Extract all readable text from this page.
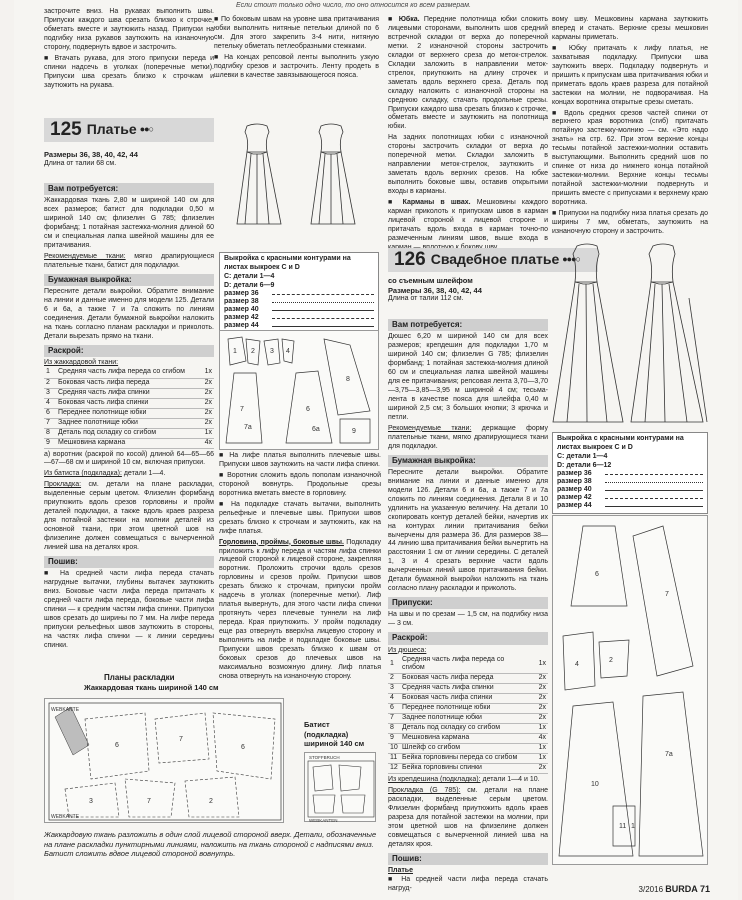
Если стоит только одно число, то оно относится ко всем размерам.

застрочите вниз. На рукавах выполнить швы. Припуски каждого шва срезать близко к строчке, обметать вместе и заутюжить назад. Припуски на подгибку низа рукавов заутюжить на изнаночную сторону, подвернуть вдвое и застрочить.

■ Втачать рукава, для этого припуски переда и спинки надсечь в уголках (поперечные метки). Припуски шва срезать близко к строчкам и заутюжить на рукава.

■ По боковым швам на уровне шва притачивания юбки выполнить нитяные петельки длиной по 6 см. Для этого закрепить 3-4 нити, нитяную петельку обметать петлеобразными стежками.

■ На концах репсовой ленты выполнить узкую подгибку срезов и застрочить. Ленту продеть в шлевки в качестве завязывающегося пояса.

125 Платье ●●○
Размеры 36, 38, 40, 42, 44
Длина от талии 68 см.
Вам потребуется:

Жаккардовая ткань 2,80 м шириной 140 см для всех размеров; батист для подкладки 0,50 м шириной 140 см; флизелин G 785; флизелин формбанд; 1 потайная застежка-молния длиной 60 см и специальная лапка швейной машины для ее притачивания.

Рекомендуемые ткани: мягко драпирующиеся плательные ткани, батист для подкладки.

Бумажная выкройка:

Пересните детали выкройки. Обратите внимание на линии и данные именно для модели 125. Детали 6 и 6а, а также 7 и 7а сложить по линиям соединения. Детали бумажной выкройки наложить на ткань согласно планам раскладки и приколоть. Детали вырезать прямо на ткани.

Раскрой:
Из жаккардовой ткани:
1	Средняя часть лифа переда со сгибом	1x
2	Боковая часть лифа переда	2x
3	Средняя часть лифа спинки	2x
4	Боковая часть лифа спинки	2x
6	Переднее полотнище юбки	2x
7	Заднее полотнище юбки	2x
8	Деталь под складку со сгибом	1x
9	Мешковина кармана	4x

а) воротник (раскрой по косой) длиной 64—65—66—67—68 см и шириной 10 см, включая припуски.

Из батиста (подкладка): детали 1—4.

Прокладка: см. детали на плане раскладки, выделенные серым цветом. Флизелин формбанд приутюжить вдоль срезов горловины и пройм деталей подкладки, а также вдоль краев разреза для потайной застежки на молнии деталей из основной ткани, при этом цветной шов на флизелине должен совмещаться с вычерченной линией шва на деталях кроя.

Пошив:

■ На средней части лифа переда стачать нагрудные вытачки, глубины вытачек заутюжить вниз. Боковые части лифа переда притачать к средней части лифа переда, боковые части лифа спинки — к средним частям лифа спинки. Припуски швов срезать до ширины по 7 мм. На лифе переда припуски рельефных швов заутюжить в стороны, на частях лифа спинки — к линии середины спинки.

Выкройка с красными контурами на листах выкроек C и D
C: детали 1—4
D: детали 6—9
размер 36
размер 38
размер 40
размер 42
размер 44
1 2 3 4
7
7a
6
6a
8
9

■ На лифе платья выполнить плечевые швы. Припуски швов заутюжить на части лифа спинки.

■ Воротник сложить вдоль пополам изнаночной стороной вовнутрь. Продольные срезы воротника вметать вместе в горловину.

■ На подкладке стачать вытачки, выполнить рельефные и плечевые швы. Припуски швов срезать близко к строчкам и заутюжить, как на лифе платья.

Горловина, проймы, боковые швы. Подкладку приложить к лифу переда и частям лифа спинки лицевой стороной к лицевой стороне, закрепляя воротник. Проложить строчки вдоль срезов горловины и срезов пройм. Припуски швов срезать близко к строчкам, припуски пройм надсечь в уголках (поперечные метки). Лиф платья вывернуть, для этого части лифа спинки протянуть через плечевые туннели на лиф переда. Края приутюжить. У пройм подкладку еще раз отвернуть вверх/на лицевую сторону и выполнить на лифе и подкладке боковые швы. Припуски швов срезать близко к швам от боковых срезов до плечевых швов на максимально возможную длину. Лиф платья снова отвернуть на изнаночную сторону.

Планы раскладки
Жаккардовая ткань шириной 140 см
6
7
6
3	7	2
WEBKANTE
WEBKANTE
Батист (подкладка) шириной 140 см
STOFFBRUCH
WEBKANTEN
Жаккардовую ткань разложить в один слой лицевой стороной вверх. Детали, обозначенные на плане раскладки пунктирными линиями, наложить на ткань стороной с надписями вниз. Батист сложить вдвое лицевой стороной вовнутрь.

■ Юбка. Передние полотнища юбки сложить лицевыми сторонами, выполнить шов средний встречной складки от верха до поперечной метки. 2 изнаночной стороны застрочить складки от верхнего среза до меток-стрелок. Складки заложить в направлении меток-стрелок, приутюжить на длину строчек и заметать вдоль верхнего среза. Деталь под складку наложить с изнаночной стороны на среднюю складку, стачать продольные срезы. Припуски каждого шва срезать близко к строчке, обметать вместе и заутюжить на полотнища юбки.

На задних полотнищах юбки с изнаночной стороны застрочить складки от верха до поперечной метки. Складки заложить в направлении меток-стрелок, заутюжить и заметать вдоль верхних срезов. На юбке выполнить боковые швы, оставив открытыми входы в карманы.

■ Карманы в швах. Мешковины каждого карман приколоть к припускам швов в карман лицевой стороной к лицевой стороне и притачать вдоль входа в карман точно-по размеченным линиям швов, выше входа в

вому шву. Мешковины кармана заутюжить вперед и стачать. Верхние срезы мешковин карманы приметать.

■ Юбку притачать к лифу платья, не захватывая подкладку. Припуски шва заутюжить вверх. Подкладку подвернуть и пришить к припускам шва притачивания юбки и приметать вдоль краев разреза для потайной застежки на молнии, не подворачивая. На концах воротника открытые срезы сметать.

■ Вдоль средних срезов частей спинки от верхнего края воротника (сгиб) притачать потайную застежку-молнию — см. «Это надо знать» на стр. 62. При этом верхние концы тесьмы потайной застежки-молнии оставить выступающими. Выполнить средний шов по спинке от низа до нижнего конца потайной застежки-молнии. Верхние концы тесьмы потайной застежки-молнии подвернуть и пришить вместе с припусками к верхнему краю воротника.

■ Припуски на подгибку низа платья срезать до ширины 7 мм, обметать, заутюжить на изнаночную сторону и застрочить.

126 Свадебное платье ●●●○
со съемным шлейфом
Размеры 36, 38, 40, 42, 44
Длина от талии 112 см.
Вам потребуется:

Дюшес 6,20 м шириной 140 см для всех размеров; крепдешин для подкладки 1,70 м шириной 140 см; флизелин G 785; флизелин формбанд; 1 потайная застежка-молния длиной 60 см и специальная лапка швейной машины для ее притачивания; репсовая лента 3,70—3,70—3,75—3,85—3,95 м шириной 4 см; тесьма-лента в качестве пояса для шлейфа 0,40 м шириной 2,5 см; 3 больших кнопки; 3 крючка и петли.

Рекомендуемые ткани: держащие форму плательные ткани, мягко драпирующиеся ткани для подкладки.

Бумажная выкройка:

Пересните детали выкройки. Обратите внимание на линии и данные именно для модели 126. Детали 6 и 6а, а также 7 и 7а сложить по линиям соединения. Детали 8 и 10 удлинить на указанную величину. На детали 10 скопировать контур деталей бейки, начертив их на контурах линии притачивания бейки вычерчены для размера 36. Для размеров 38—44 линию шва притачивания бейки вычертить на расстоянии 1 см от линии середины. С деталей 1, 3 и 4 срезать верхние части вдоль вычерченных линий швов притачивания бейки. Детали бумажной выкройки наложить на ткань согласно плану раскладки и приколоть.

Припуски:

На швы и по срезам — 1,5 см, на подгибку низа — 3 см.

Раскрой:
Из дюшеса:
1	Средняя часть лифа переда со сгибом	1x
2	Боковая часть лифа переда	2x
3	Средняя часть лифа спинки	2x
4	Боковая часть лифа спинки	2x
6	Переднее полотнище юбки	2x
7	Заднее полотнище юбки	2x
8	Деталь под складку со сгибом	1x
9	Мешковина кармана	4x
10	Шлейф со сгибом	1x
11	Бейка горловины переда со сгибом	1x
12	Бейка горловины спинки	2x

Из крепдешина (подкладка): детали 1—4 и 10.

Прокладка (G 785): см. детали на плане раскладки, выделенные серым цветом. Флизелин формбанд приутюжить вдоль краев разреза для потайной застежки на молнии, при этом цветной шов на флизелине должен совмещаться с вычерченной линией шва на деталях кроя.

Пошив:
Платье

■ На средней части лифа переда стачать нагруд-

Выкройка с красными контурами на листах выкроек C и D
C: детали 1—4
D: детали 6—12
размер 36
размер 38
размер 40
размер 42
размер 44
6
7
4
2
10
7a
11 1
3/2016 BURDA 71
